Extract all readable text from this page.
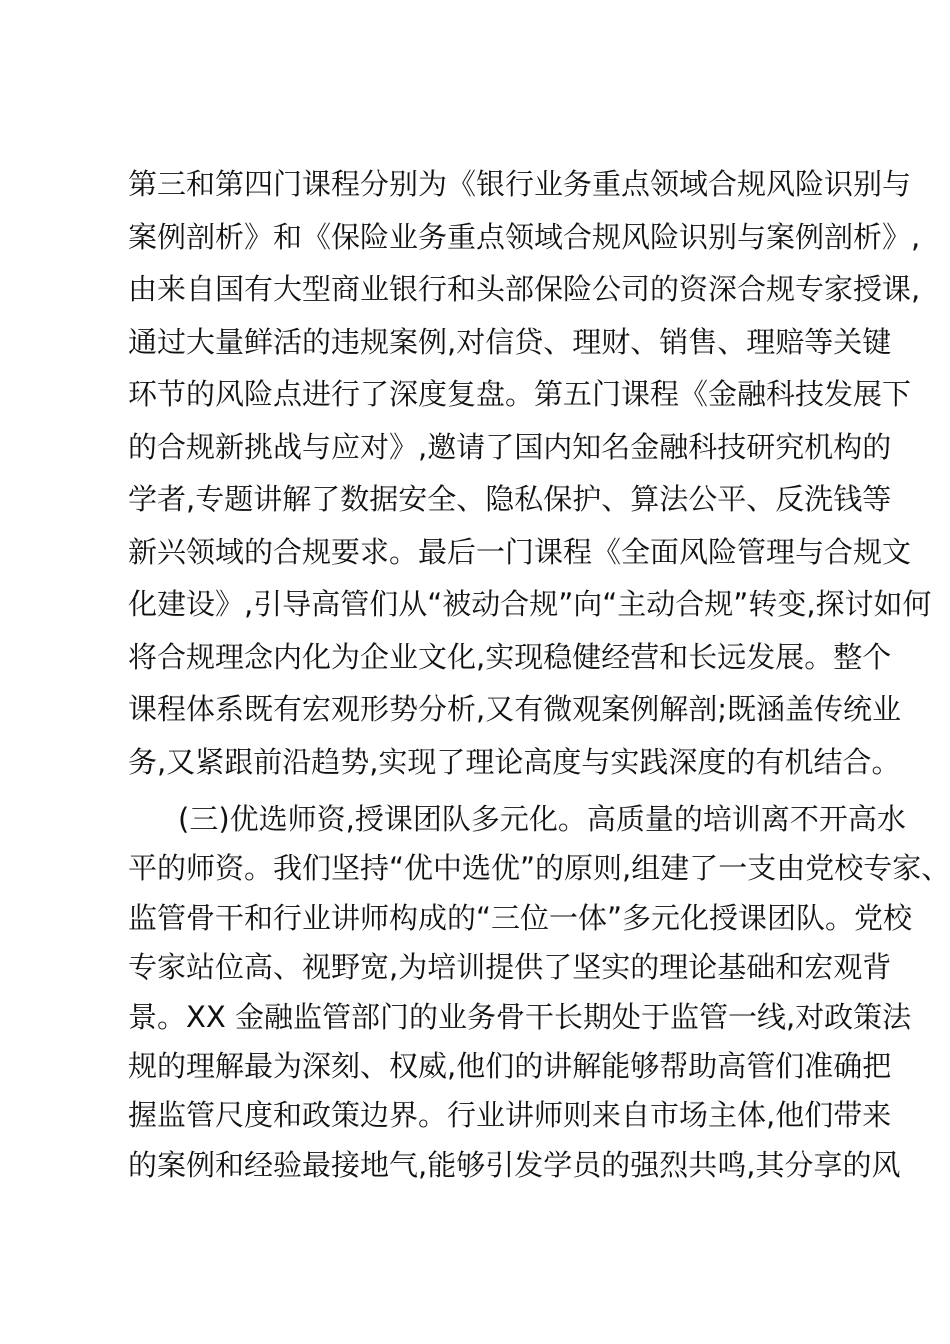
第三和第四门课程分别为《银行业务重点领域合规风险识别与
案例剖析》和《保险业务重点领域合规风险识别与案例剖析》,
由来自国有大型商业银行和头部保险公司的资深合规专家授课,
通过大量鲜活的违规案例,对信贷、理财、销售、理赔等关键
环节的风险点进行了深度复盘。第五门课程《金融科技发展下
的合规新挑战与应对》,邀请了国内知名金融科技研究机构的
学者,专题讲解了数据安全、隐私保护、算法公平、反洗钱等
新兴领域的合规要求。最后一门课程《全面风险管理与合规文
化建设》,引导高管们从“被动合规”向“主动合规”转变,探讨如何
将合规理念内化为企业文化,实现稳健经营和长远发展。整个
课程体系既有宏观形势分析,又有微观案例解剖;既涵盖传统业
务,又紧跟前沿趋势,实现了理论高度与实践深度的有机结合。
(三)优选师资,授课团队多元化。高质量的培训离不开高水
平的师资。我们坚持“优中选优”的原则,组建了一支由党校专家、
监管骨干和行业讲师构成的“三位一体”多元化授课团队。党校
专家站位高、视野宽,为培训提供了坚实的理论基础和宏观背
景。XX 金融监管部门的业务骨干长期处于监管一线,对政策法
规的理解最为深刻、权威,他们的讲解能够帮助高管们准确把
握监管尺度和政策边界。行业讲师则来自市场主体,他们带来
的案例和经验最接地气,能够引发学员的强烈共鸣,其分享的风
